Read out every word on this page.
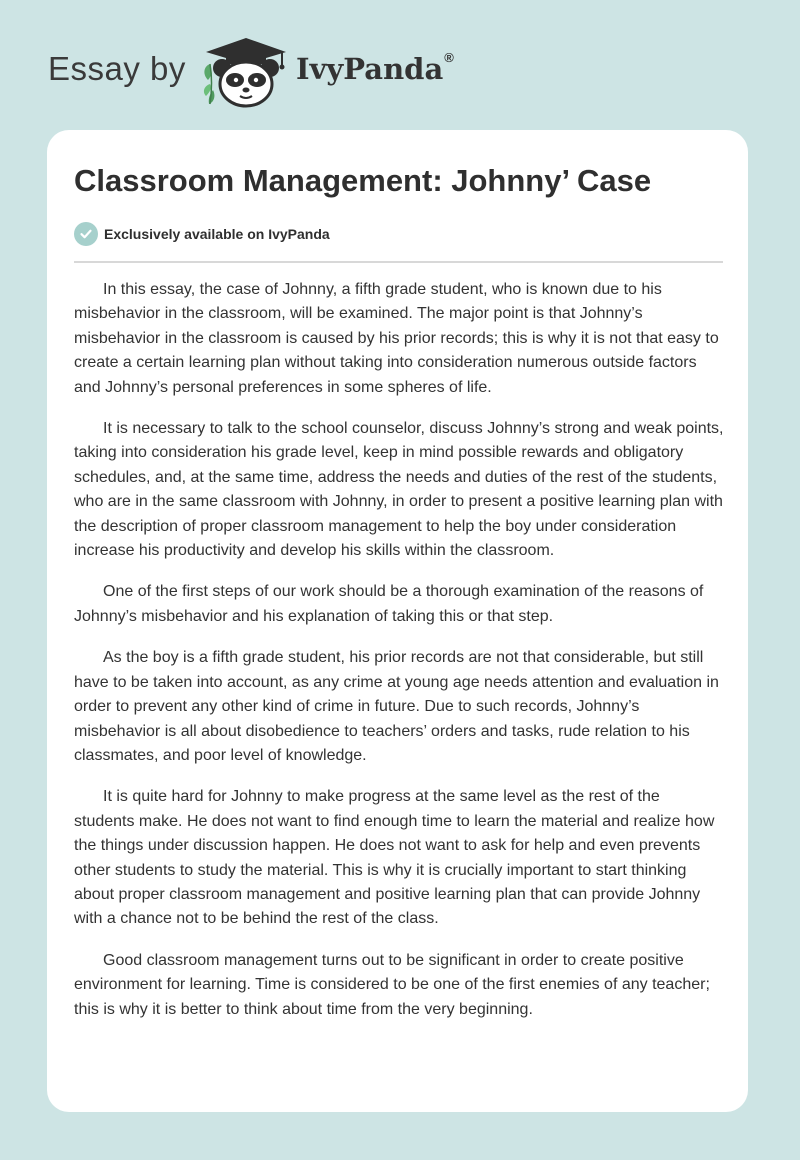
Essay by	IvyPanda®
Classroom Management: Johnny’ Case
Exclusively available on IvyPanda

In this essay, the case of Johnny, a fifth grade student, who is known due to his misbehavior in the classroom, will be examined. The major point is that Johnny’s misbehavior in the classroom is caused by his prior records; this is why it is not that easy to create a certain learning plan without taking into consideration numerous outside factors and Johnny’s personal preferences in some spheres of life.

It is necessary to talk to the school counselor, discuss Johnny’s strong and weak points, taking into consideration his grade level, keep in mind possible rewards and obligatory schedules, and, at the same time, address the needs and duties of the rest of the students, who are in the same classroom with Johnny, in order to present a positive learning plan with the description of proper classroom management to help the boy under consideration increase his productivity and develop his skills within the classroom.

One of the first steps of our work should be a thorough examination of the reasons of Johnny’s misbehavior and his explanation of taking this or that step.

As the boy is a fifth grade student, his prior records are not that considerable, but still have to be taken into account, as any crime at young age needs attention and evaluation in order to prevent any other kind of crime in future. Due to such records, Johnny’s misbehavior is all about disobedience to teachers’ orders and tasks, rude relation to his classmates, and poor level of knowledge.

It is quite hard for Johnny to make progress at the same level as the rest of the students make. He does not want to find enough time to learn the material and realize how the things under discussion happen. He does not want to ask for help and even prevents other students to study the material. This is why it is crucially important to start thinking about proper classroom management and positive learning plan that can provide Johnny with a chance not to be behind the rest of the class.

Good classroom management turns out to be significant in order to create positive environment for learning. Time is considered to be one of the first enemies of any teacher; this is why it is better to think about time from the very beginning.
